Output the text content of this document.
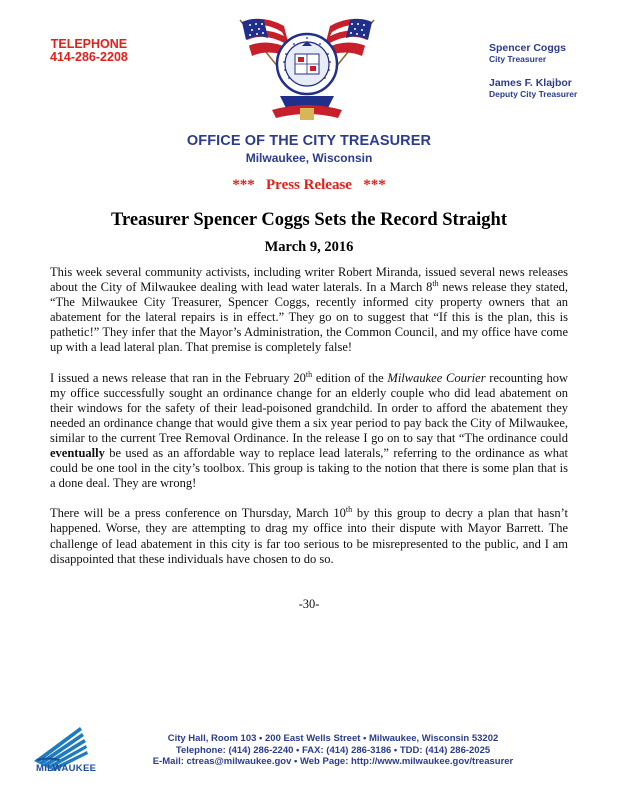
TELEPHONE
414-286-2208
Spencer Coggs
City Treasurer
James F. Klajbor
Deputy City Treasurer
OFFICE OF THE CITY TREASURER
Milwaukee, Wisconsin
***   Press Release   ***
Treasurer Spencer Coggs Sets the Record Straight
March 9, 2016

This week several community activists, including writer Robert Miranda, issued several news releases about the City of Milwaukee dealing with lead water laterals. In a March 8th news release they stated, “The Milwaukee City Treasurer, Spencer Coggs, recently informed city property owners that an abatement for the lateral repairs is in effect.” They go on to suggest that “If this is the plan, this is pathetic!” They infer that the Mayor’s Administration, the Common Council, and my office have come up with a lead lateral plan. That premise is completely false!

I issued a news release that ran in the February 20th edition of the Milwaukee Courier recounting how my office successfully sought an ordinance change for an elderly couple who did lead abatement on their windows for the safety of their lead-poisoned grandchild. In order to afford the abatement they needed an ordinance change that would give them a six year period to pay back the City of Milwaukee, similar to the current Tree Removal Ordinance. In the release I go on to say that “The ordinance could eventually be used as an affordable way to replace lead laterals,” referring to the ordinance as what could be one tool in the city’s toolbox. This group is taking to the notion that there is some plan that is a done deal. They are wrong!

There will be a press conference on Thursday, March 10th by this group to decry a plan that hasn’t happened. Worse, they are attempting to drag my office into their dispute with Mayor Barrett. The challenge of lead abatement in this city is far too serious to be misrepresented to the public, and I am disappointed that these individuals have chosen to do so.

-30-
MILWAUKEE
City Hall, Room 103 • 200 East Wells Street • Milwaukee, Wisconsin 53202
Telephone: (414) 286-2240 • FAX: (414) 286-3186 • TDD: (414) 286-2025
E-Mail: ctreas@milwaukee.gov • Web Page: http://www.milwaukee.gov/treasurer
